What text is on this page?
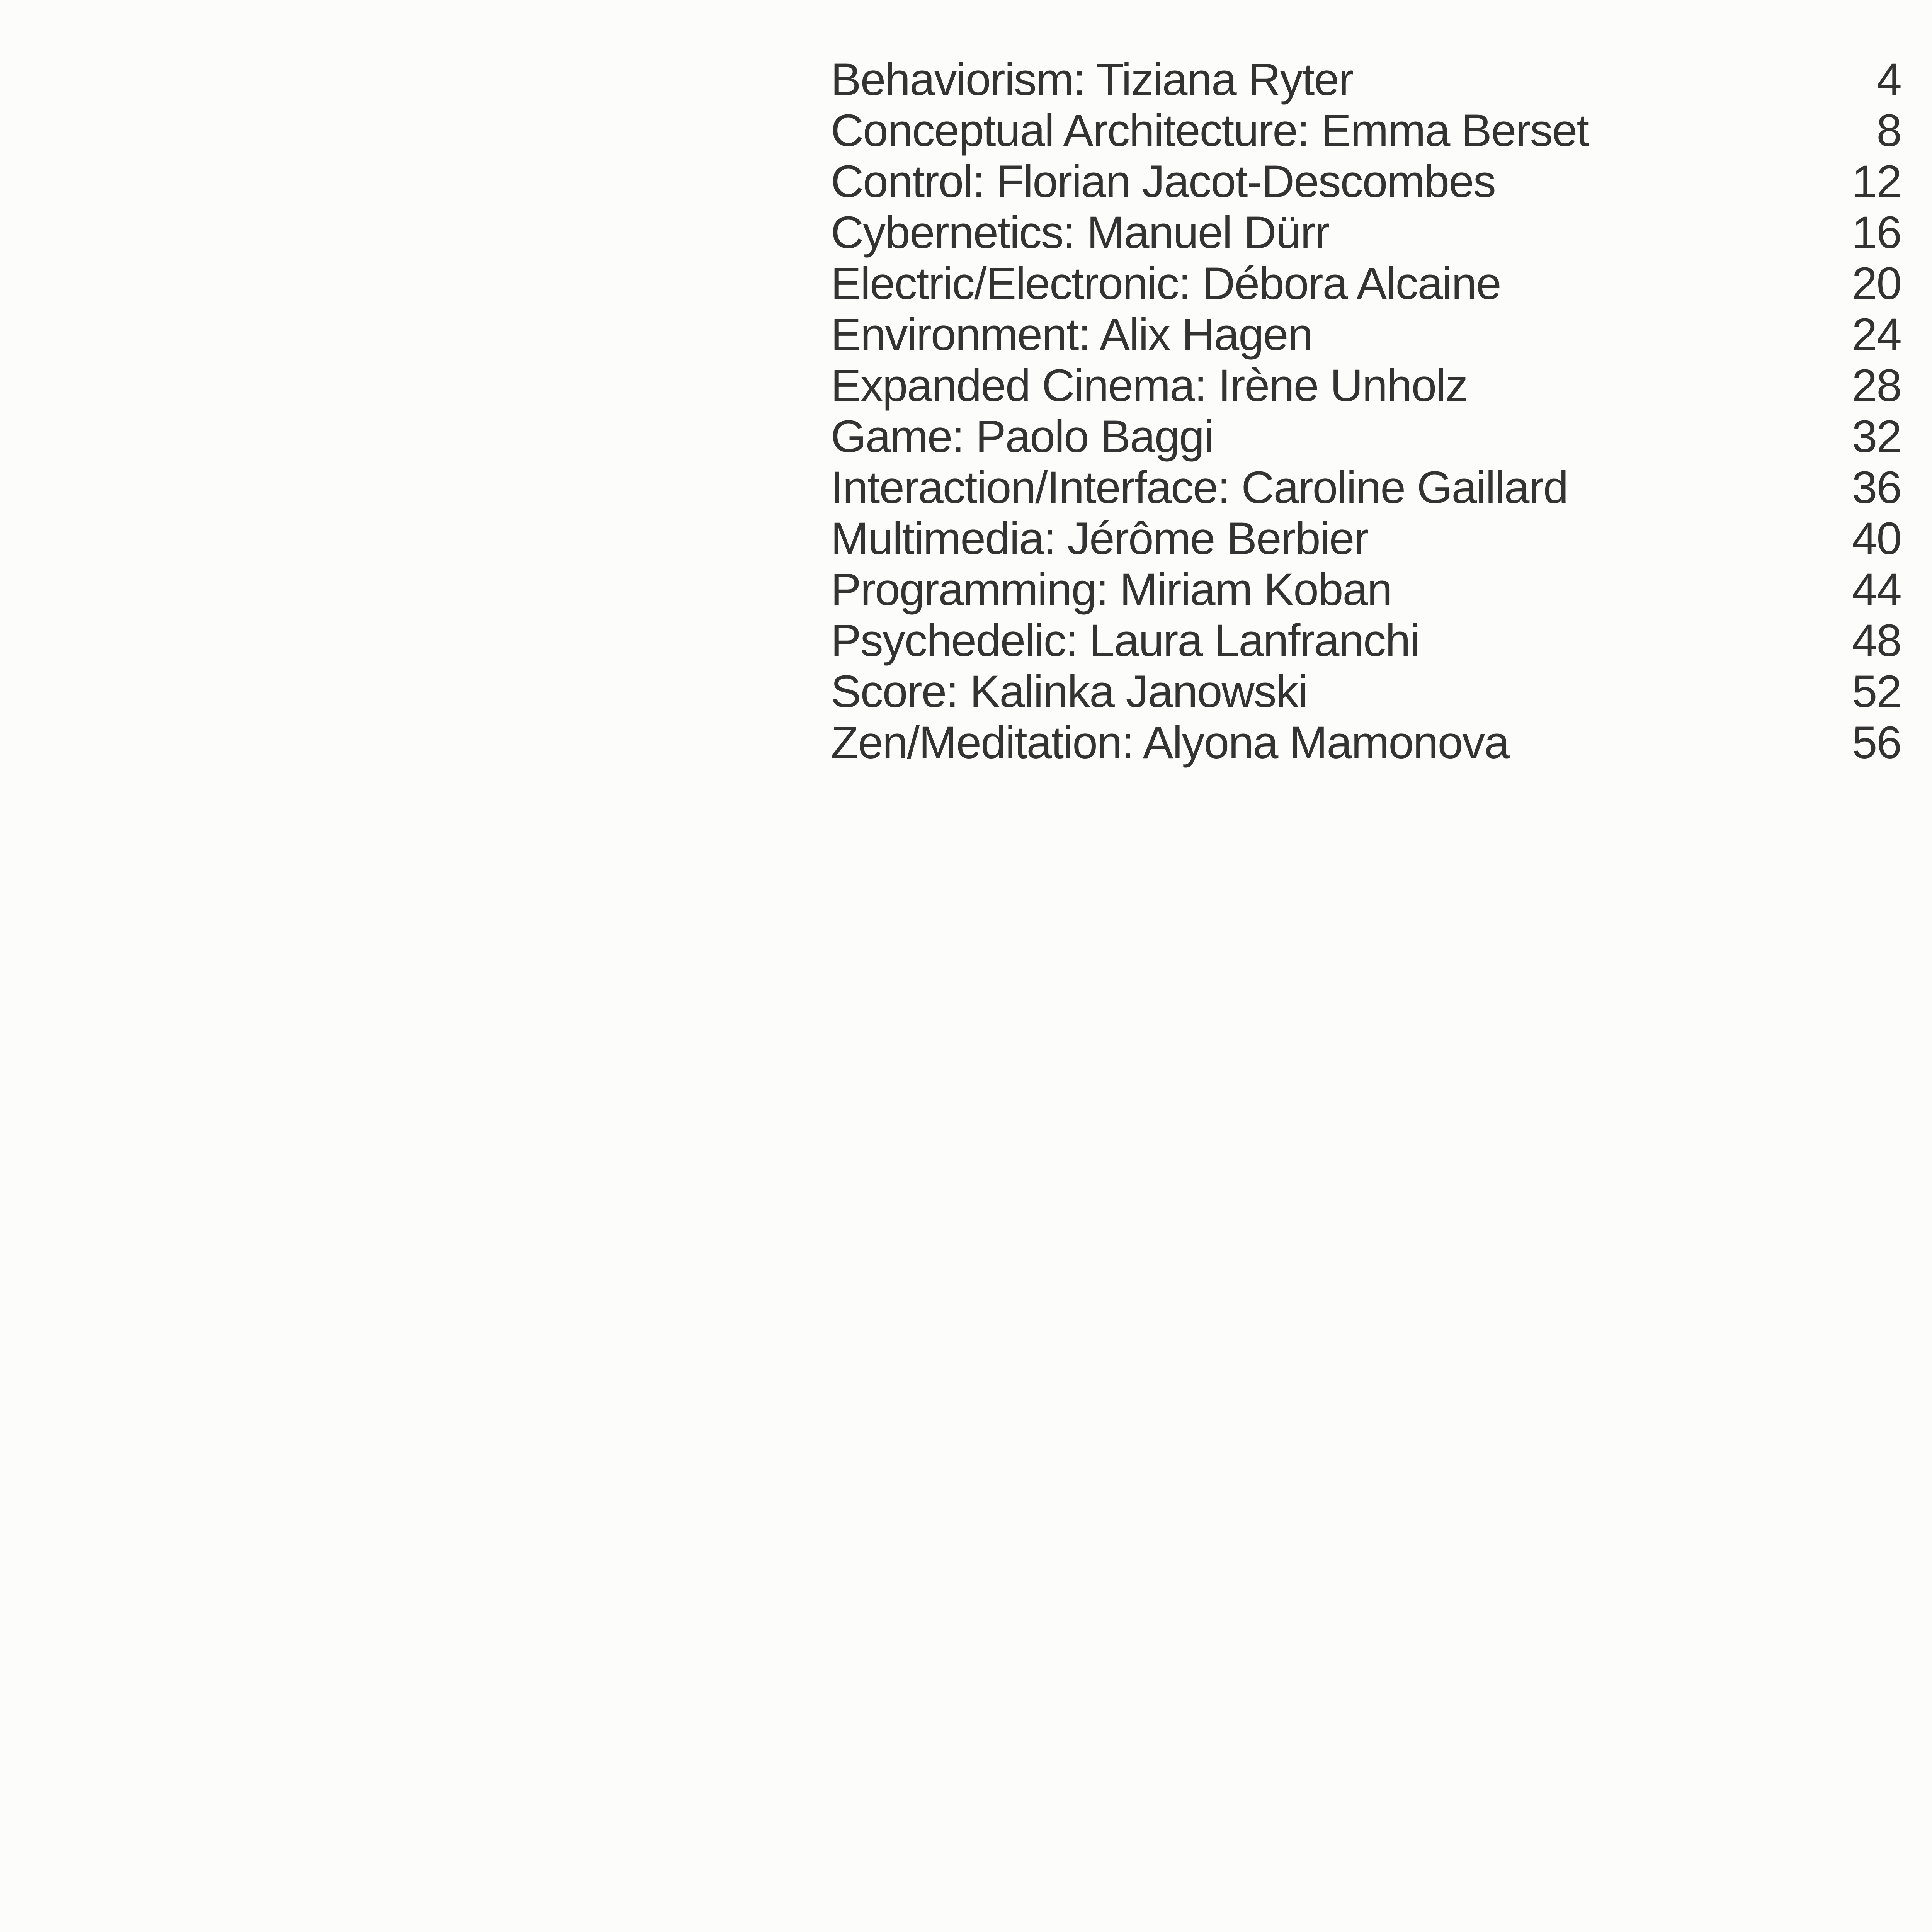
Behaviorism: Tiziana Ryter	4
Conceptual Architecture: Emma Berset	8
Control: Florian Jacot-Descombes	12
Cybernetics: Manuel Dürr	16
Electric/Electronic: Débora Alcaine	20
Environment: Alix Hagen	24
Expanded Cinema: Irène Unholz	28
Game: Paolo Baggi	32
Interaction/Interface: Caroline Gaillard	36
Multimedia: Jérôme Berbier	40
Programming: Miriam Koban	44
Psychedelic: Laura Lanfranchi	48
Score: Kalinka Janowski	52
Zen/Meditation: Alyona Mamonova	56
